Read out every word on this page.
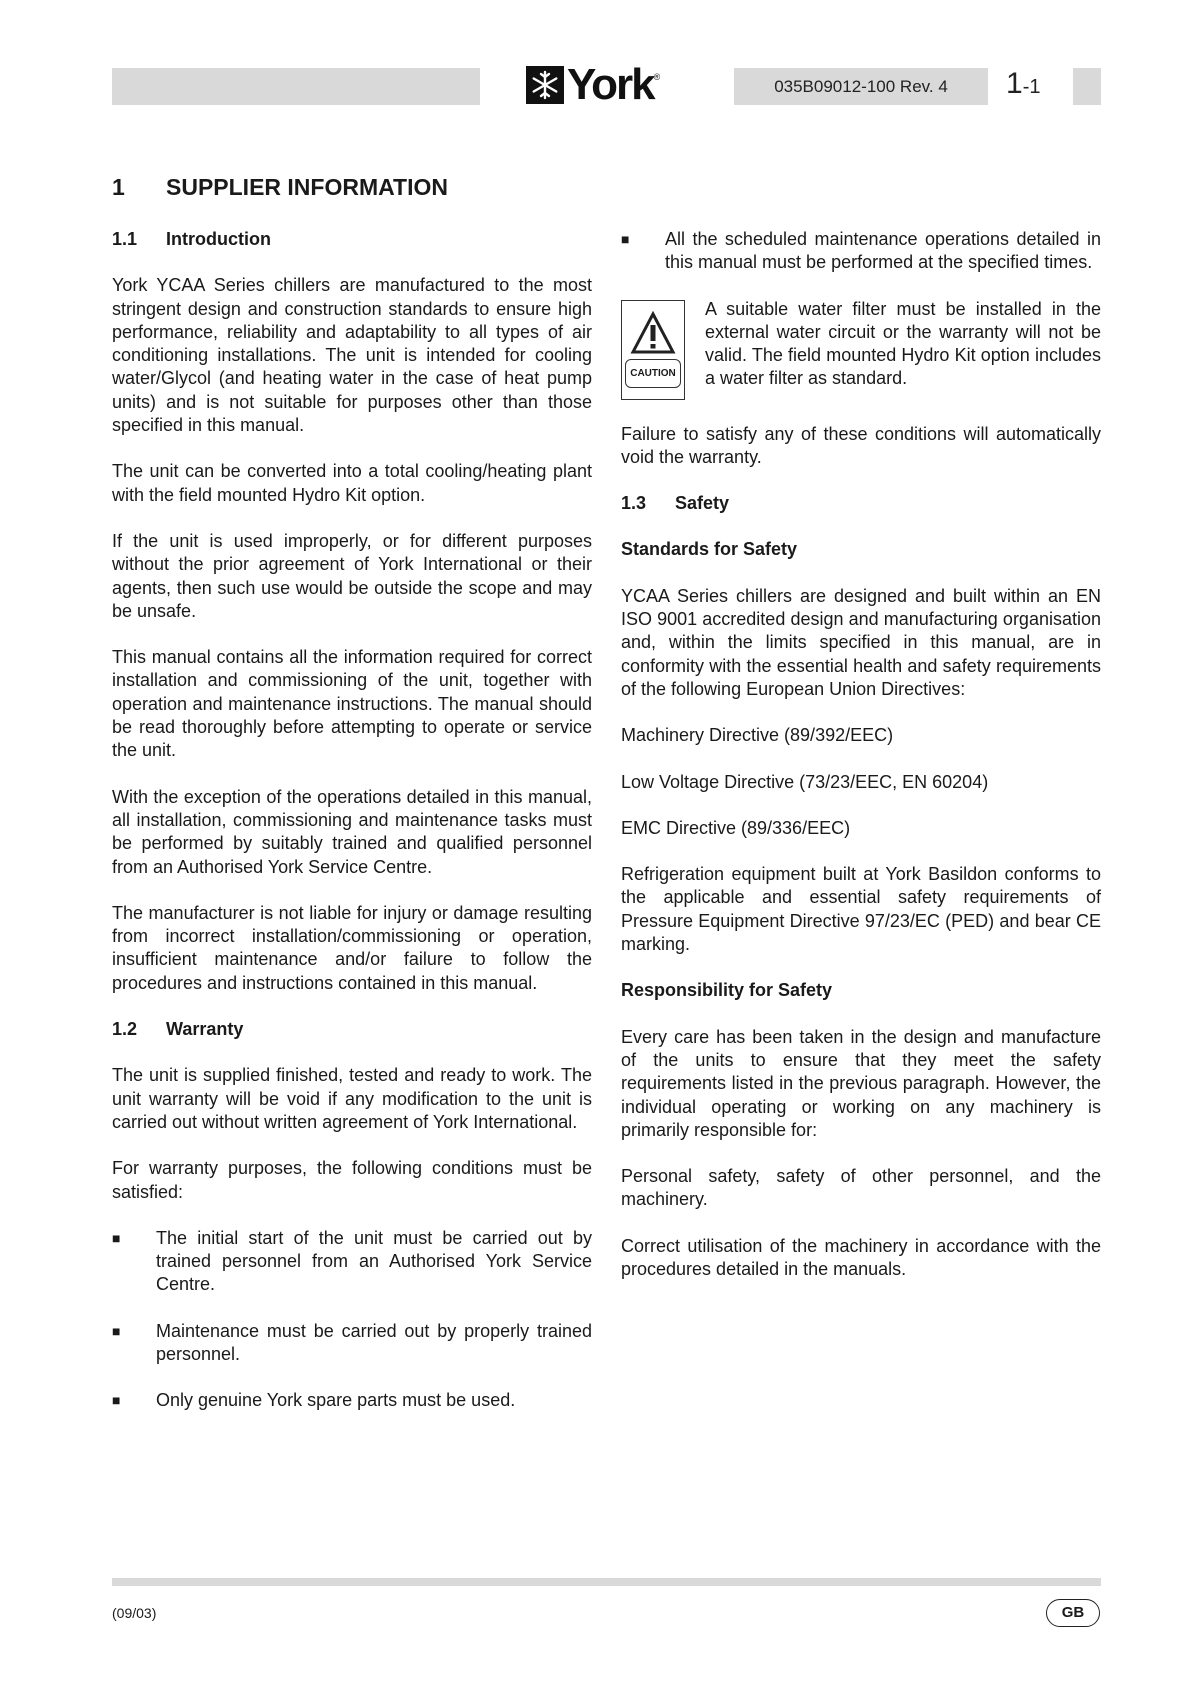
York ®	035B09012-100 Rev. 4	1-1
1	SUPPLIER INFORMATION
1.1	Introduction

York YCAA Series chillers are manufactured to the most stringent design and construction standards to ensure high performance, reliability and adaptability to all types of air conditioning installations. The unit is intended for cooling water/Glycol (and heating water in the case of heat pump units) and is not suitable for purposes other than those specified in this manual.

The unit can be converted into a total cooling/heating plant with the field mounted Hydro Kit option.

If the unit is used improperly, or for different purposes without the prior agreement of York International or their agents, then such use would be outside the scope and may be unsafe.

This manual contains all the information required for correct installation and commissioning of the unit, together with operation and maintenance instructions. The manual should be read thoroughly before attempting to operate or service the unit.

With the exception of the operations detailed in this manual, all installation, commissioning and maintenance tasks must be performed by suitably trained and qualified personnel from an Authorised York Service Centre.

The manufacturer is not liable for injury or damage resulting from incorrect installation/commissioning or operation, insufficient maintenance and/or failure to follow the procedures and instructions contained in this manual.

1.2	Warranty

The unit is supplied finished, tested and ready to work. The unit warranty will be void if any modification to the unit is carried out without written agreement of York International.

For warranty purposes, the following conditions must be satisfied:

■	The initial start of the unit must be carried out by trained personnel from an Authorised York Service Centre.
■	Maintenance must be carried out by properly trained personnel.
■	Only genuine York spare parts must be used.
■	All the scheduled maintenance operations detailed in this manual must be performed at the specified times.
CAUTION
A suitable water filter must be installed in the external water circuit or the warranty will not be valid. The field mounted Hydro Kit option includes a water filter as standard.

Failure to satisfy any of these conditions will automatically void the warranty.

1.3	Safety
Standards for Safety

YCAA Series chillers are designed and built within an EN ISO 9001 accredited design and manufacturing organisation and, within the limits specified in this manual, are in conformity with the essential health and safety requirements of the following European Union Directives:

Machinery Directive (89/392/EEC)

Low Voltage Directive (73/23/EEC, EN 60204)

EMC Directive (89/336/EEC)

Refrigeration equipment built at York Basildon conforms to the applicable and essential safety requirements of Pressure Equipment Directive 97/23/EC (PED) and bear CE marking.

Responsibility for Safety

Every care has been taken in the design and manufacture of the units to ensure that they meet the safety requirements listed in the previous paragraph. However, the individual operating or working on any machinery is primarily responsible for:

Personal safety, safety of other personnel, and the machinery.

Correct utilisation of the machinery in accordance with the procedures detailed in the manuals.

(09/03)	GB
